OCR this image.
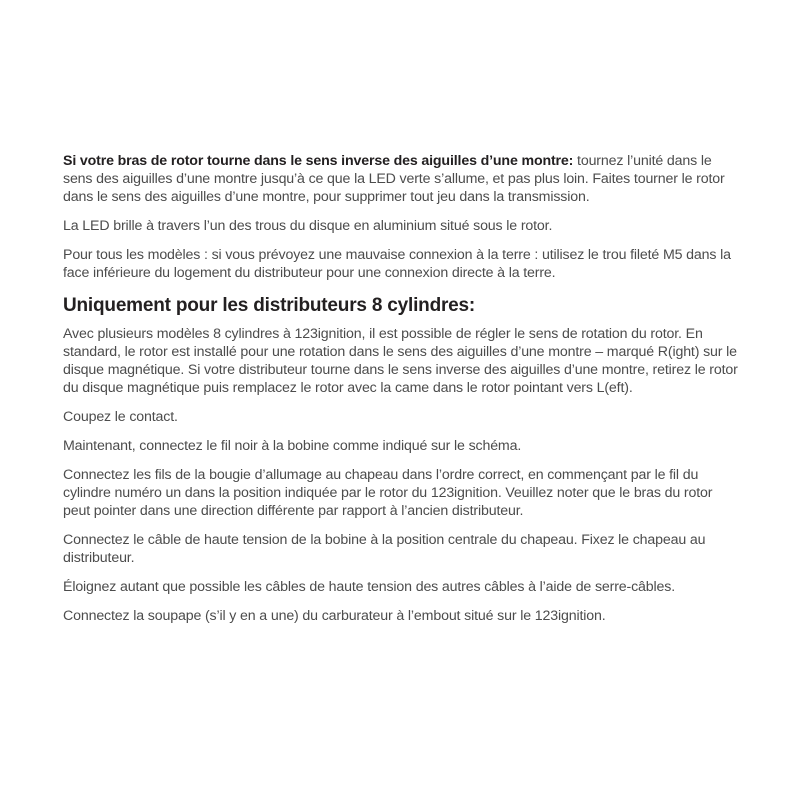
Si votre bras de rotor tourne dans le sens inverse des aiguilles d’une montre: tournez l’unité dans le sens des aiguilles d’une montre jusqu’à ce que la LED verte s’allume, et pas plus loin. Faites tourner le rotor dans le sens des aiguilles d’une montre, pour supprimer tout jeu dans la transmission.

La LED brille à travers l’un des trous du disque en aluminium situé sous le rotor.

Pour tous les modèles : si vous prévoyez une mauvaise connexion à la terre : utilisez le trou fileté M5 dans la face inférieure du logement du distributeur pour une connexion directe à la terre.

Uniquement pour les distributeurs 8 cylindres:

Avec plusieurs modèles 8 cylindres à 123ignition, il est possible de régler le sens de rotation du rotor. En standard, le rotor est installé pour une rotation dans le sens des aiguilles d’une montre – marqué R(ight) sur le disque magnétique. Si votre distributeur tourne dans le sens inverse des aiguilles d’une montre, retirez le rotor du disque magnétique puis remplacez le rotor avec la came dans le rotor pointant vers L(eft).

Coupez le contact.

Maintenant, connectez le fil noir à la bobine comme indiqué sur le schéma.

Connectez les fils de la bougie d’allumage au chapeau dans l’ordre correct, en commençant par le fil du cylindre numéro un dans la position indiquée par le rotor du 123ignition. Veuillez noter que le bras du rotor peut pointer dans une direction différente par rapport à l’ancien distributeur.

Connectez le câble de haute tension de la bobine à la position centrale du chapeau. Fixez le chapeau au distributeur.

Éloignez autant que possible les câbles de haute tension des autres câbles à l’aide de serre-câbles.

Connectez la soupape (s’il y en a une) du carburateur à l’embout situé sur le 123ignition.
